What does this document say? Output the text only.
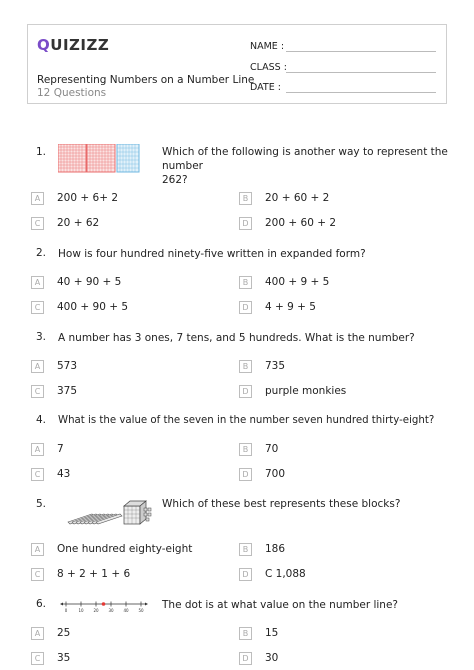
QUIZIZZ
Representing Numbers on a Number Line
12 Questions
NAME :
CLASS :
DATE :
1.	Which of the following is another way to represent the number
262?
A	200 + 6+ 2	B	20 + 60 + 2
C	20 + 62	D	200 + 60 + 2
2. How is four hundred ninety-five written in expanded form?
A	40 + 90 + 5	B	400 + 9 + 5
C	400 + 90 + 5	D	4 + 9 + 5
3. A number has 3 ones, 7 tens, and 5 hundreds. What is the number?
A	573	B	735
C	375	D	purple monkies
4. What is the value of the seven in the number seven hundred thirty-eight?
A	7	B	70
C	43	D	700
5.	Which of these best represents these blocks?
A	One hundred eighty-eight	B	186
C	8 + 2 + 1 + 6	D	C 1,088
6.
0	10 20 30 40 50 The dot is at what value on the number line?
A	25	B	15
C	35	D	30
